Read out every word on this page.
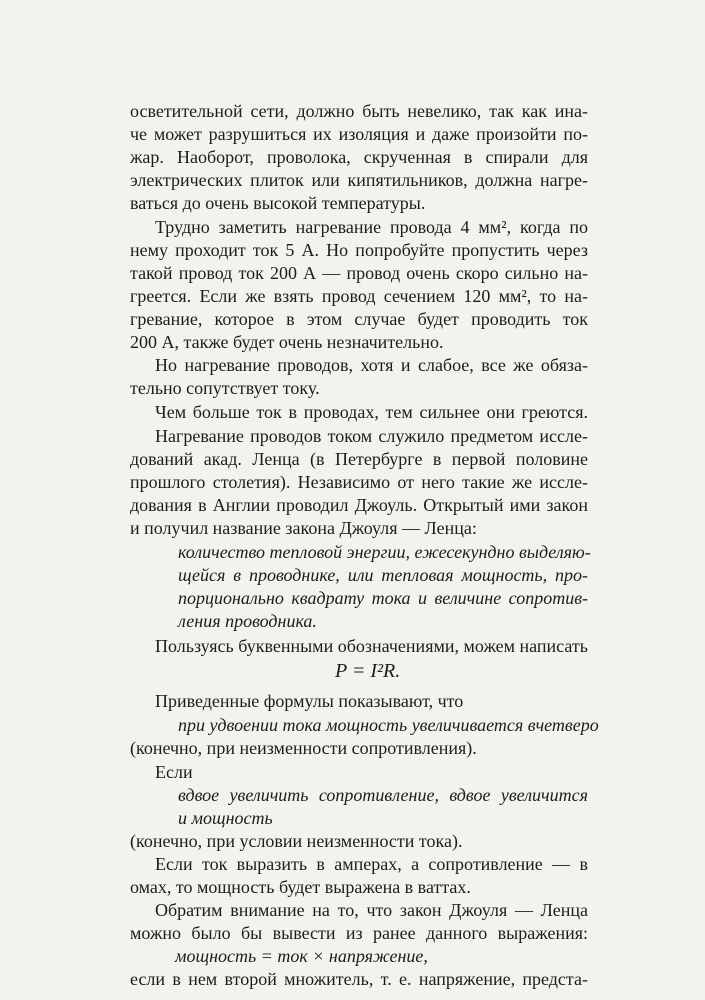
осветительной сети, должно быть невелико, так как ина-
че может разрушиться их изоляция и даже произойти по-
жар. Наоборот, проволока, скрученная в спирали для
электрических плиток или кипятильников, должна нагре-
ваться до очень высокой температуры.
Трудно заметить нагревание провода 4 мм², когда по
нему проходит ток 5 А. Но попробуйте пропустить через
такой провод ток 200 А — провод очень скоро сильно на-
греется. Если же взять провод сечением 120 мм², то на-
гревание, которое в этом случае будет проводить ток
200 А, также будет очень незначительно.
Но нагревание проводов, хотя и слабое, все же обяза-
тельно сопутствует току.
Чем больше ток в проводах, тем сильнее они греются.
Нагревание проводов током служило предметом иссле-
дований акад. Ленца (в Петербурге в первой половине
прошлого столетия). Независимо от него такие же иссле-
дования в Англии проводил Джоуль. Открытый ими закон
и получил название закона Джоуля — Ленца:
количество тепловой энергии, ежесекундно выделяю-
щейся в проводнике, или тепловая мощность, про-
порционально квадрату тока и величине сопротив-
ления проводника.
Пользуясь буквенными обозначениями, можем написать
P = I²R.
Приведенные формулы показывают, что
при удвоении тока мощность увеличивается вчетверо
(конечно, при неизменности сопротивления).
Если
вдвое увеличить сопротивление, вдвое увеличится
и мощность
(конечно, при условии неизменности тока).
Если ток выразить в амперах, а сопротивление — в
омах, то мощность будет выражена в ваттах.
Обратим внимание на то, что закон Джоуля — Ленца
можно было бы вывести из ранее данного выражения:
мощность = ток × напряжение,
если в нем второй множитель, т. е. напряжение, предста-
